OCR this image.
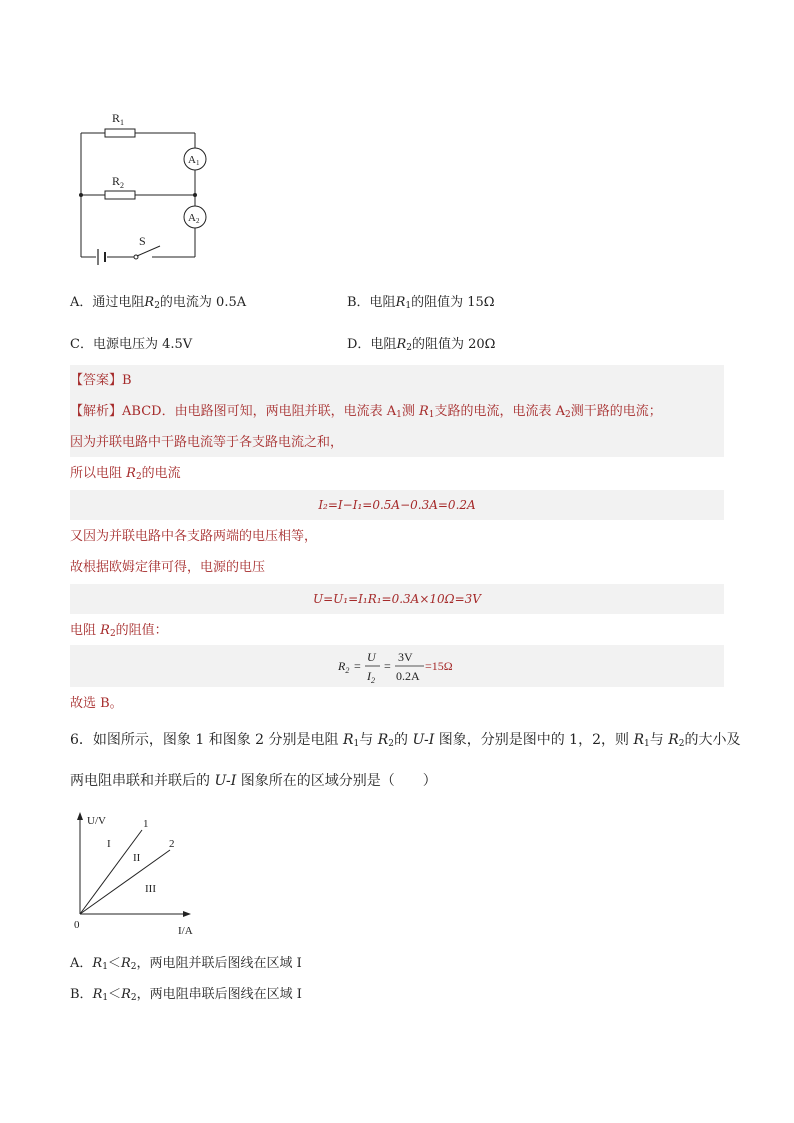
$R_1$
$R_2$
A1
A2
S
A．通过电阻$R_2$的电流为 0.5A	B．电阻$R_1$的阻值为 15Ω
C．电源电压为 4.5V	D．电阻$R_2$的阻值为 20Ω
【答案】B
【解析】ABCD．由电路图可知，两电阻并联，电流表 $A_1$测 $R_1$支路的电流，电流表 $A_2$测干路的电流；
因为并联电路中干路电流等于各支路电流之和，
所以电阻 $R_2$的电流
I₂=I−I₁=0.5A−0.3A=0.2A
又因为并联电路中各支路两端的电压相等，
故根据欧姆定律可得，电源的电压
U=U₁=I₁R₁=0.3A×10Ω=3V
电阻 $R_2$的阻值：
$R_2$ =
U
$I_2$
=
3V
0.2A
=15Ω
故选 B。
6．如图所示，图象 1 和图象 2 分别是电阻 $R_1$与 $R_2$的 U-I 图象，分别是图中的 1，2，则 $R_1$与 $R_2$的大小及
两电阻串联和并联后的 U-I 图象所在的区域分别是（　　）
U/V
I/A
0
1
2
I
II
III
A．$R_1<R_2$，两电阻并联后图线在区域 I
B．$R_1<R_2$，两电阻串联后图线在区域 I
